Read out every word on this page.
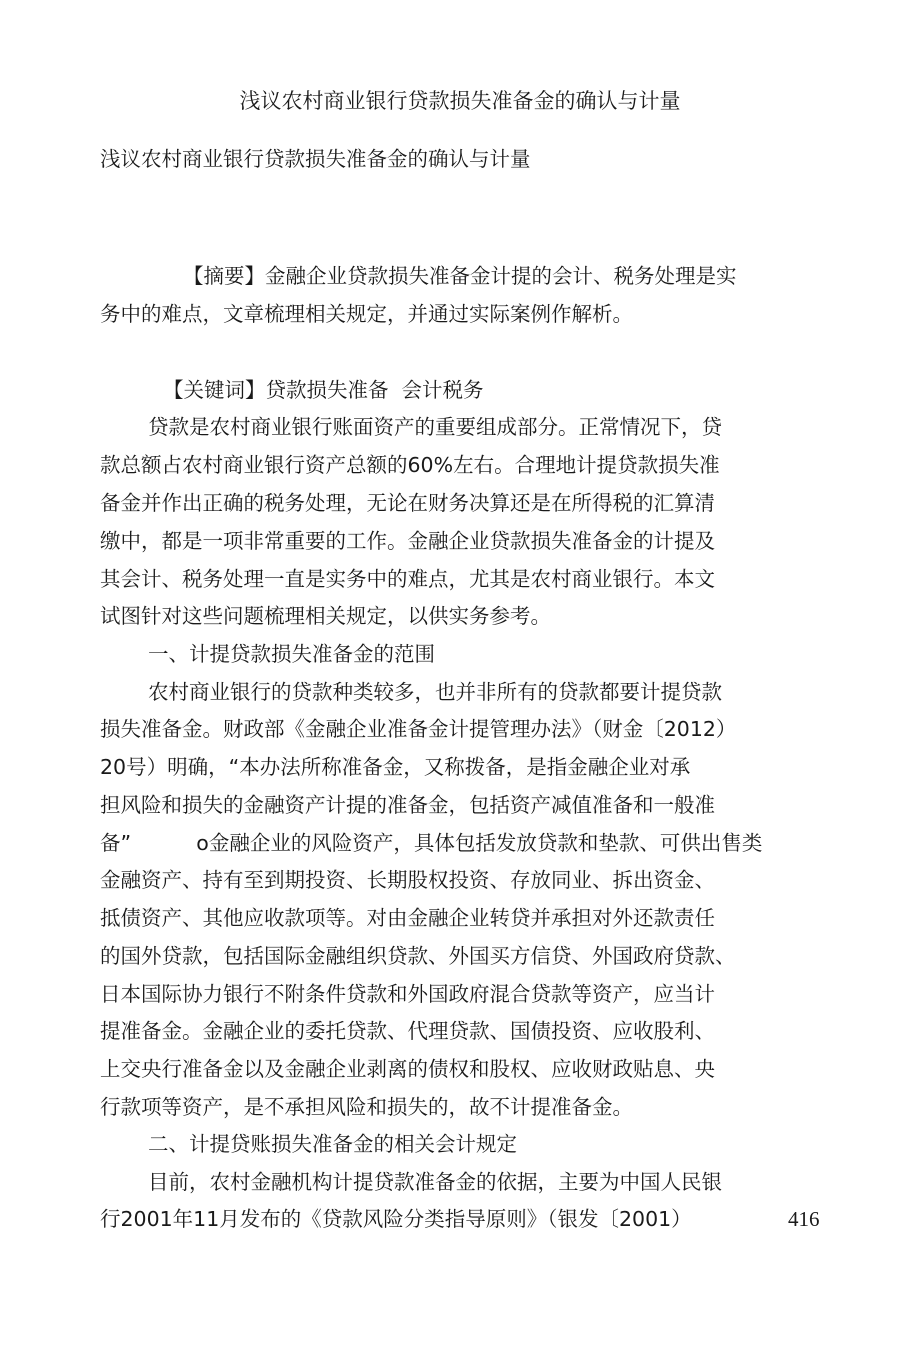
浅议农村商业银行贷款损失准备金的确认与计量
浅议农村商业银行贷款损失准备金的确认与计量
【摘要】金融企业贷款损失准备金计提的会计、税务处理是实
务中的难点，文章梳理相关规定，并通过实际案例作解析。
【关键词】贷款损失准备  会计税务
贷款是农村商业银行账面资产的重要组成部分。正常情况下，贷
款总额占农村商业银行资产总额的60%左右。合理地计提贷款损失准
备金并作出正确的税务处理，无论在财务决算还是在所得税的汇算清
缴中，都是一项非常重要的工作。金融企业贷款损失准备金的计提及
其会计、税务处理一直是实务中的难点，尤其是农村商业银行。本文
试图针对这些问题梳理相关规定，以供实务参考。
一、计提贷款损失准备金的范围
农村商业银行的贷款种类较多，也并非所有的贷款都要计提贷款
损失准备金。财政部《金融企业准备金计提管理办法》（财金〔2012）
20号）明确，“本办法所称准备金，又称拨备，是指金融企业对承
担风险和损失的金融资产计提的准备金，包括资产减值准备和一般准
备”          o金融企业的风险资产，具体包括发放贷款和垫款、可供出售类
金融资产、持有至到期投资、长期股权投资、存放同业、拆出资金、
抵债资产、其他应收款项等。对由金融企业转贷并承担对外还款责任
的国外贷款，包括国际金融组织贷款、外国买方信贷、外国政府贷款、
日本国际协力银行不附条件贷款和外国政府混合贷款等资产，应当计
提准备金。金融企业的委托贷款、代理贷款、国债投资、应收股利、
上交央行准备金以及金融企业剥离的债权和股权、应收财政贴息、央
行款项等资产，是不承担风险和损失的，故不计提准备金。
二、计提贷账损失准备金的相关会计规定
目前，农村金融机构计提贷款准备金的依据，主要为中国人民银
行2001年11月发布的《贷款风险分类指导原则》（银发〔2001）	416
